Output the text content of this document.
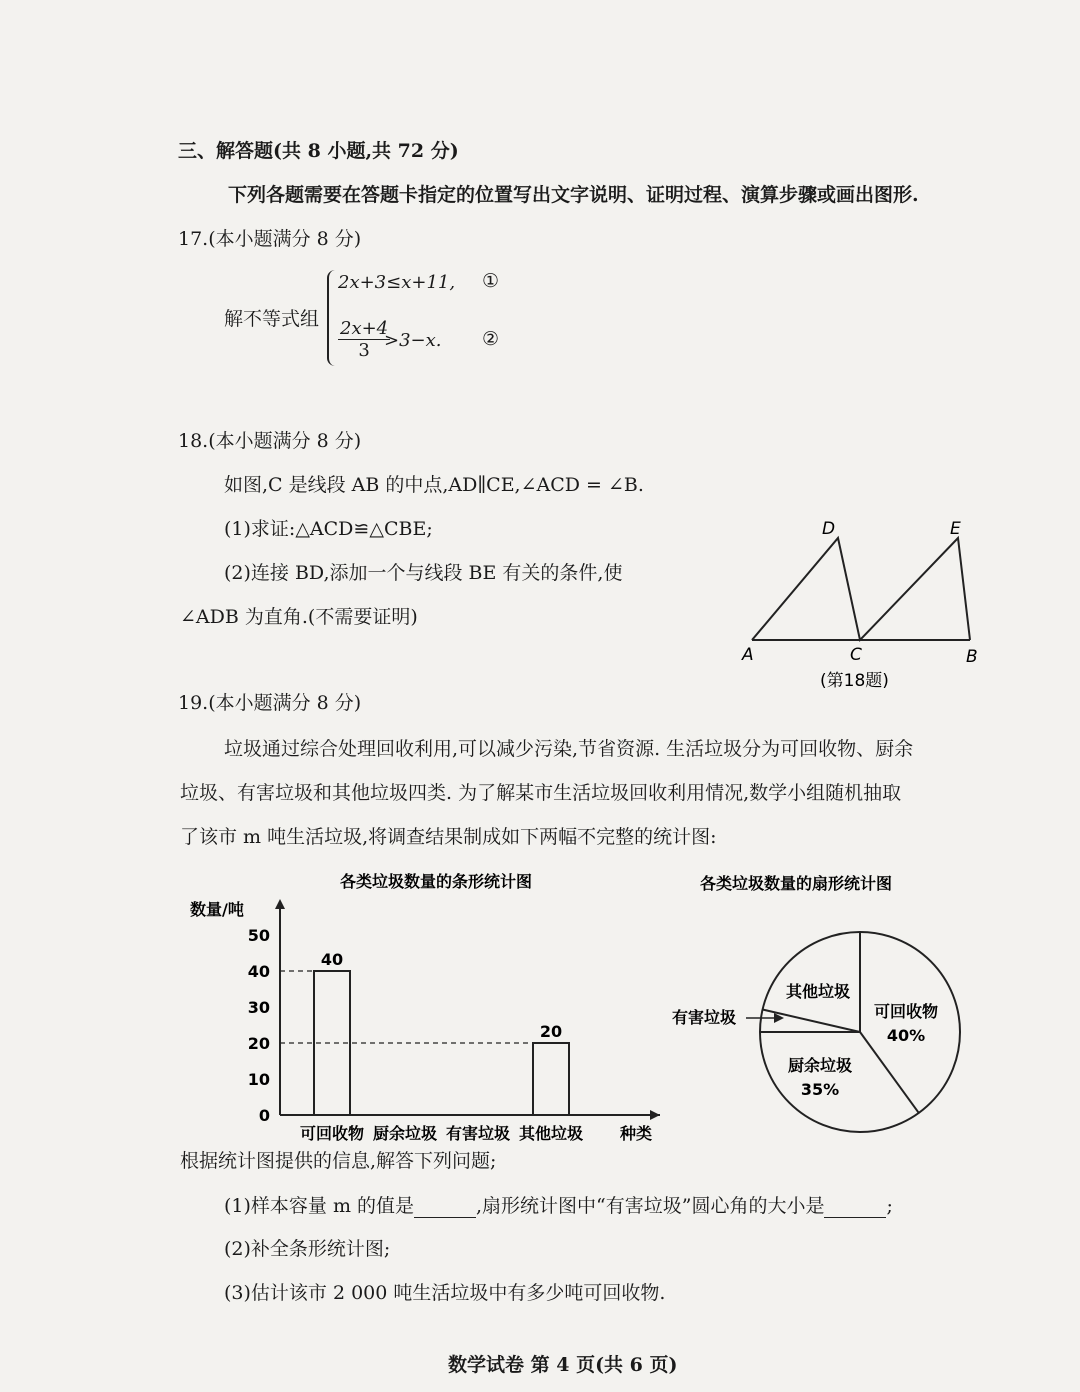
三、解答题(共 8 小题,共 72 分)
下列各题需要在答题卡指定的位置写出文字说明、证明过程、演算步骤或画出图形.
17.(本小题满分 8 分)
解不等式组
2x+3≤x+11, ①
$\frac{2x+4}{3}$
>3−x. ②
18.(本小题满分 8 分)
如图,C 是线段 AB 的中点,AD∥CE,∠ACD = ∠B.
(1)求证:△ACD≌△CBE;
(2)连接 BD,添加一个与线段 BE 有关的条件,使
∠ADB 为直角.(不需要证明)
A	B
C
D	E
(第18题)
19.(本小题满分 8 分)
垃圾通过综合处理回收利用,可以减少污染,节省资源. 生活垃圾分为可回收物、厨余
垃圾、有害垃圾和其他垃圾四类. 为了解某市生活垃圾回收利用情况,数学小组随机抽取
了该市 m 吨生活垃圾,将调查结果制成如下两幅不完整的统计图:
各类垃圾数量的条形统计图
数量/吨
0
10
20
30
40
50
可回收物
40
厨余垃圾 有害垃圾 其他垃圾
20
种类
各类垃圾数量的扇形统计图
可回收物
40%
厨余垃圾
35%
其他垃圾
有害垃圾
根据统计图提供的信息,解答下列问题;
(1)样本容量 m 的值是	,扇形统计图中“有害垃圾”圆心角的大小是	;
(2)补全条形统计图;
(3)估计该市 2 000 吨生活垃圾中有多少吨可回收物.
数学试卷 第 4 页(共 6 页)
